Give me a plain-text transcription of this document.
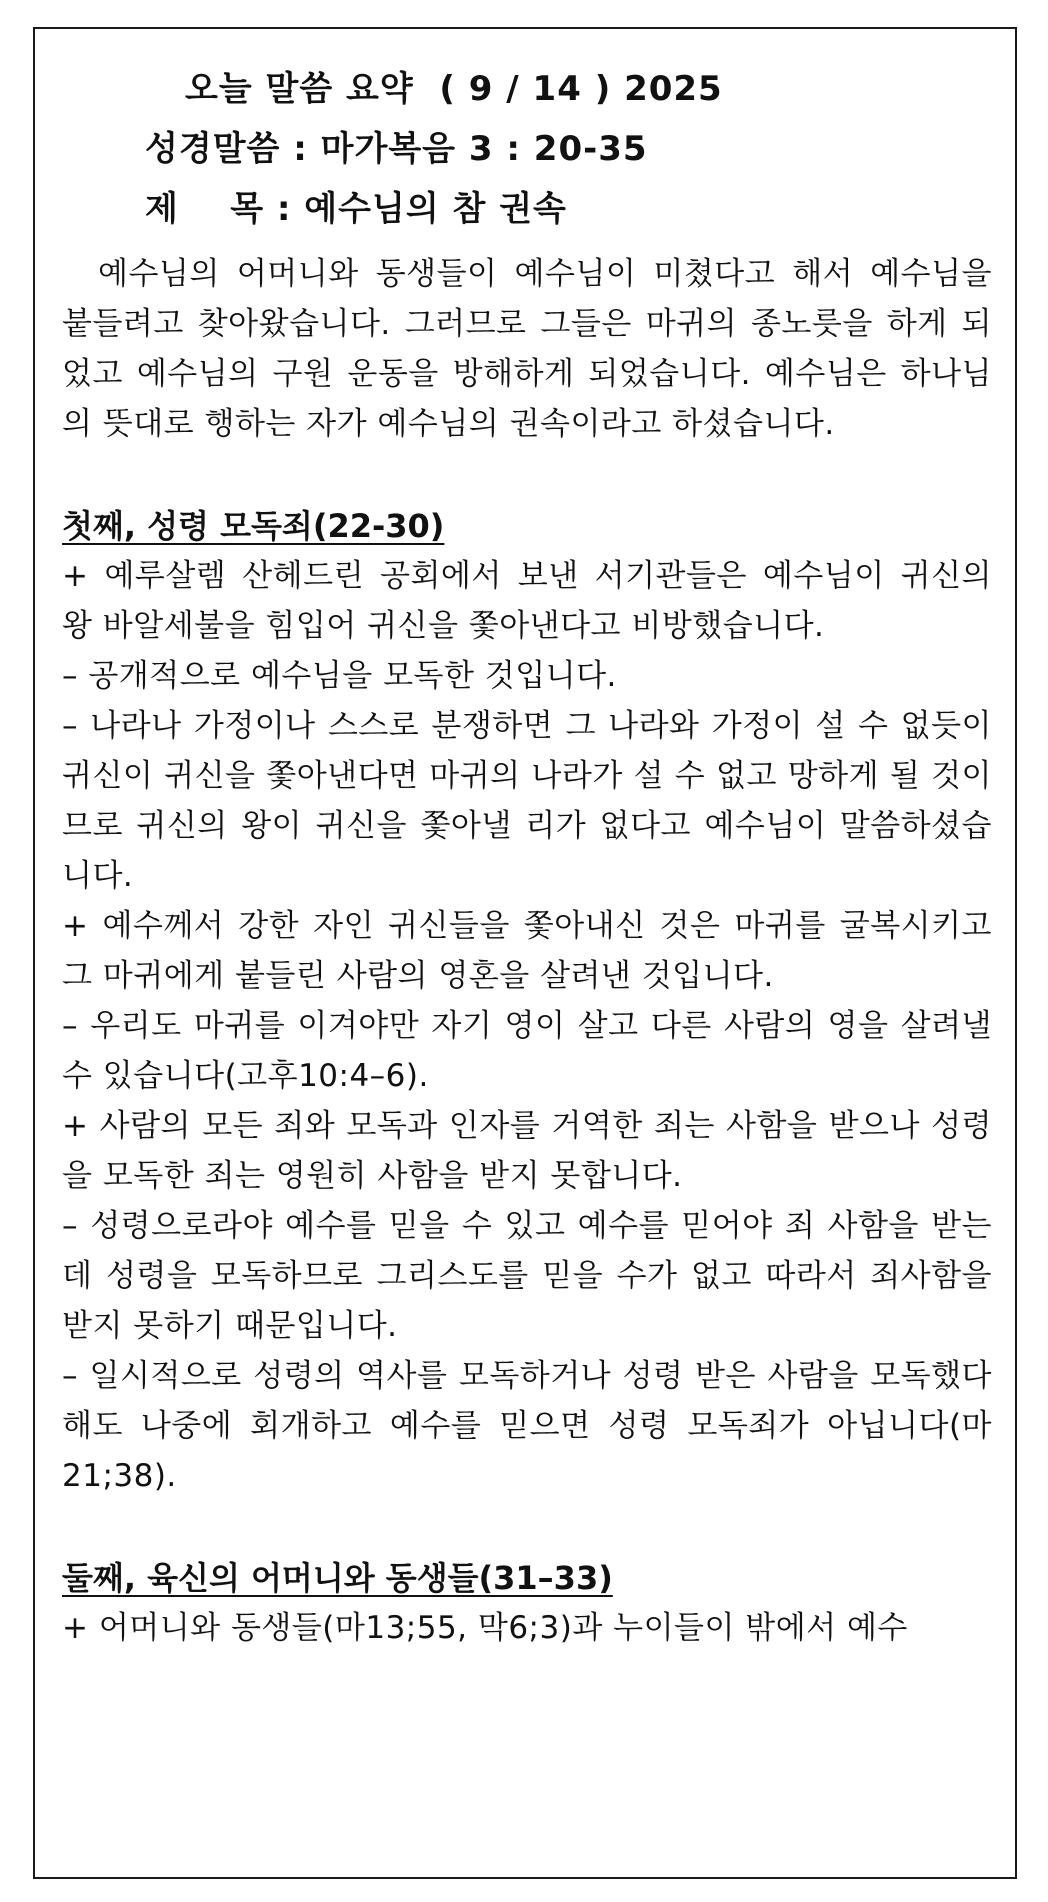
오늘 말씀 요약  ( 9 / 14 ) 2025
성경말씀 : 마가복음 3 : 20-35
제    목 : 예수님의 참 권속

예수님의 어머니와 동생들이 예수님이 미쳤다고 해서 예수님을 붙들려고 찾아왔습니다. 그러므로 그들은 마귀의 종노릇을 하게 되었고 예수님의 구원 운동을 방해하게 되었습니다. 예수님은 하나님의 뜻대로 행하는 자가 예수님의 권속이라고 하셨습니다.

첫째, 성령 모독죄(22-30)

+ 예루살렘 산헤드린 공회에서 보낸 서기관들은 예수님이 귀신의 왕 바알세불을 힘입어 귀신을 쫓아낸다고 비방했습니다.

– 공개적으로 예수님을 모독한 것입니다.

– 나라나 가정이나 스스로 분쟁하면 그 나라와 가정이 설 수 없듯이 귀신이 귀신을 쫓아낸다면 마귀의 나라가 설 수 없고 망하게 될 것이므로 귀신의 왕이 귀신을 쫓아낼 리가 없다고 예수님이 말씀하셨습니다.

+ 예수께서 강한 자인 귀신들을 쫓아내신 것은 마귀를 굴복시키고 그 마귀에게 붙들린 사람의 영혼을 살려낸 것입니다.

– 우리도 마귀를 이겨야만 자기 영이 살고 다른 사람의 영을 살려낼 수 있습니다(고후10:4–6).

+ 사람의 모든 죄와 모독과 인자를 거역한 죄는 사함을 받으나 성령을 모독한 죄는 영원히 사함을 받지 못합니다.

– 성령으로라야 예수를 믿을 수 있고 예수를 믿어야 죄 사함을 받는데 성령을 모독하므로 그리스도를 믿을 수가 없고 따라서 죄사함을 받지 못하기 때문입니다.

– 일시적으로 성령의 역사를 모독하거나 성령 받은 사람을 모독했다 해도 나중에 회개하고 예수를 믿으면 성령 모독죄가 아닙니다(마21;38).

둘째, 육신의 어머니와 동생들(31–33)

+ 어머니와 동생들(마13;55, 막6;3)과 누이들이 밖에서 예수
